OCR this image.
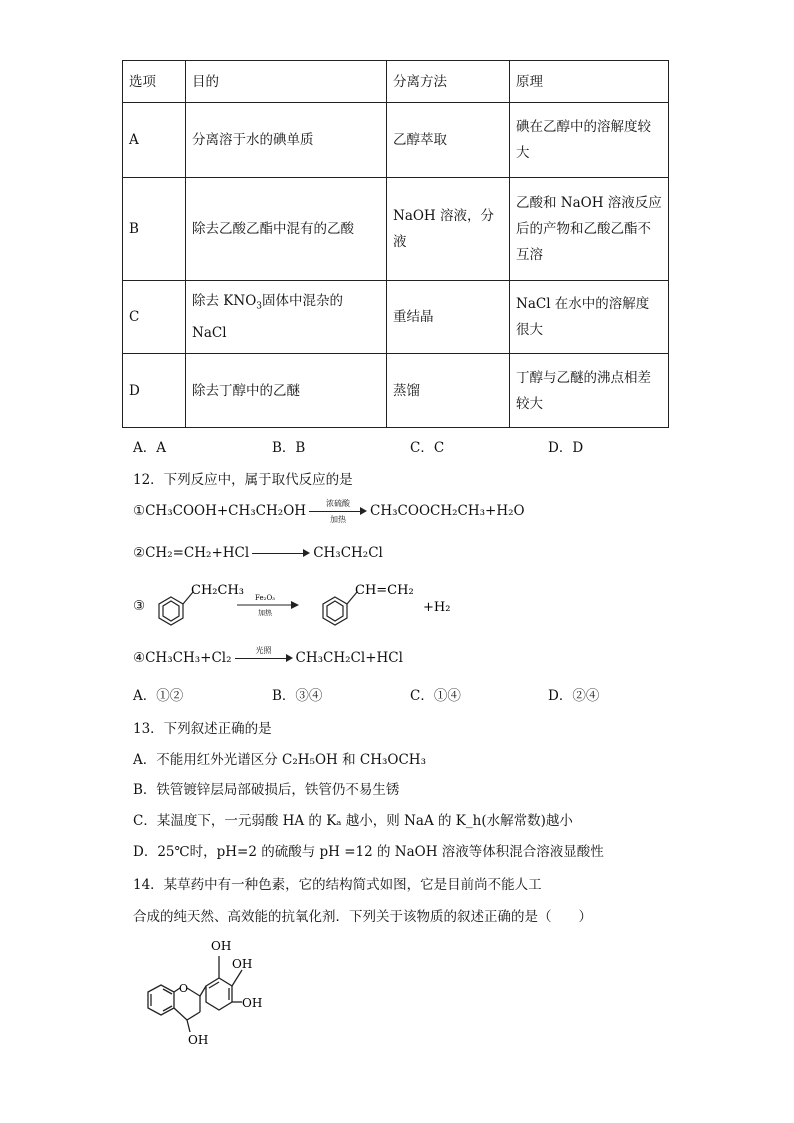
选项	目的	分离方法	原理
A	分离溶于水的碘单质	乙醇萃取	碘在乙醇中的溶解度较大
B	除去乙酸乙酯中混有的乙酸	NaOH 溶液，分液	乙酸和 NaOH 溶液反应后的产物和乙酸乙酯不互溶
C	除去 $KNO_3$固体中混杂的 NaCl	重结晶	NaCl 在水中的溶解度很大
D	除去丁醇中的乙醚	蒸馏	丁醇与乙醚的沸点相差较大
A．A	B．B	C．C	D．D
12．下列反应中，属于取代反应的是
①CH₃COOH+CH₃CH₂OH	浓硫酸
加热
CH₃COOCH₂CH₃+H₂O
②CH₂=CH₂+HCl	CH₃CH₂Cl
③
CH₂CH₃ Fe₂O₃
加热
CH=CH₂
+H₂
④CH₃CH₃+Cl₂	光照	CH₃CH₂Cl+HCl
A．①②	B．③④	C．①④	D．②④
13．下列叙述正确的是
A．不能用红外光谱区分 C₂H₅OH 和 CH₃OCH₃
B．铁管镀锌层局部破损后，铁管仍不易生锈
C．某温度下，一元弱酸 HA 的 Kₐ 越小，则 NaA 的 K_h(水解常数)越小
D．25℃时，pH=2 的硫酸与 pH =12 的 NaOH 溶液等体积混合溶液显酸性
14．某草药中有一种色素，它的结构简式如图，它是目前尚不能人工
合成的纯天然、高效能的抗氧化剂．下列关于该物质的叙述正确的是（　　）
O
OH
OH
OH
OH
